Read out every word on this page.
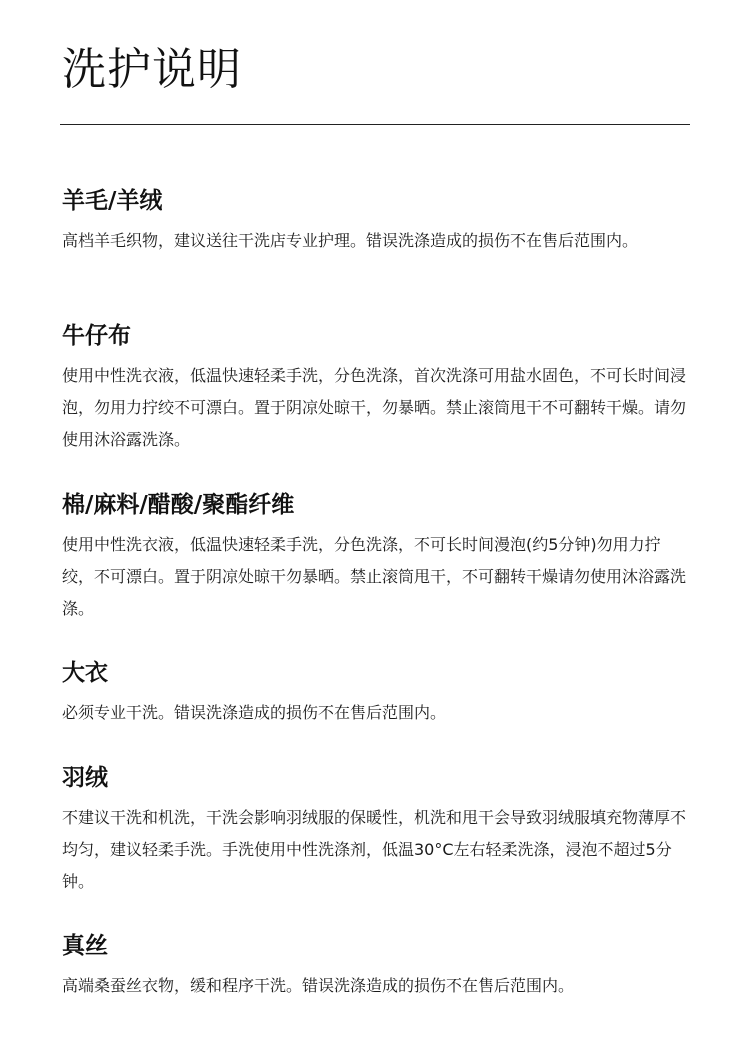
洗护说明
羊毛/羊绒

高档羊毛织物，建议送往干洗店专业护理。错误洗涤造成的损伤不在售后范围内。

牛仔布

使用中性洗衣液，低温快速轻柔手洗，分色洗涤，首次洗涤可用盐水固色，不可长时间浸泡，勿用力拧绞不可漂白。置于阴凉处晾干，勿暴晒。禁止滚筒甩干不可翻转干燥。请勿使用沐浴露洗涤。

棉/麻料/醋酸/聚酯纤维

使用中性洗衣液，低温快速轻柔手洗，分色洗涤，不可长时间漫泡(约5分钟)勿用力拧绞，不可漂白。置于阴凉处晾干勿暴晒。禁止滚筒甩干，不可翻转干燥请勿使用沐浴露洗涤。

大衣

必须专业干洗。错误洗涤造成的损伤不在售后范围内。

羽绒

不建议干洗和机洗，干洗会影响羽绒服的保暖性，机洗和甩干会导致羽绒服填充物薄厚不均匀，建议轻柔手洗。手洗使用中性洗涤剂，低温30°C左右轻柔洗涤，浸泡不超过5分钟。

真丝

高端桑蚕丝衣物，缓和程序干洗。错误洗涤造成的损伤不在售后范围内。
